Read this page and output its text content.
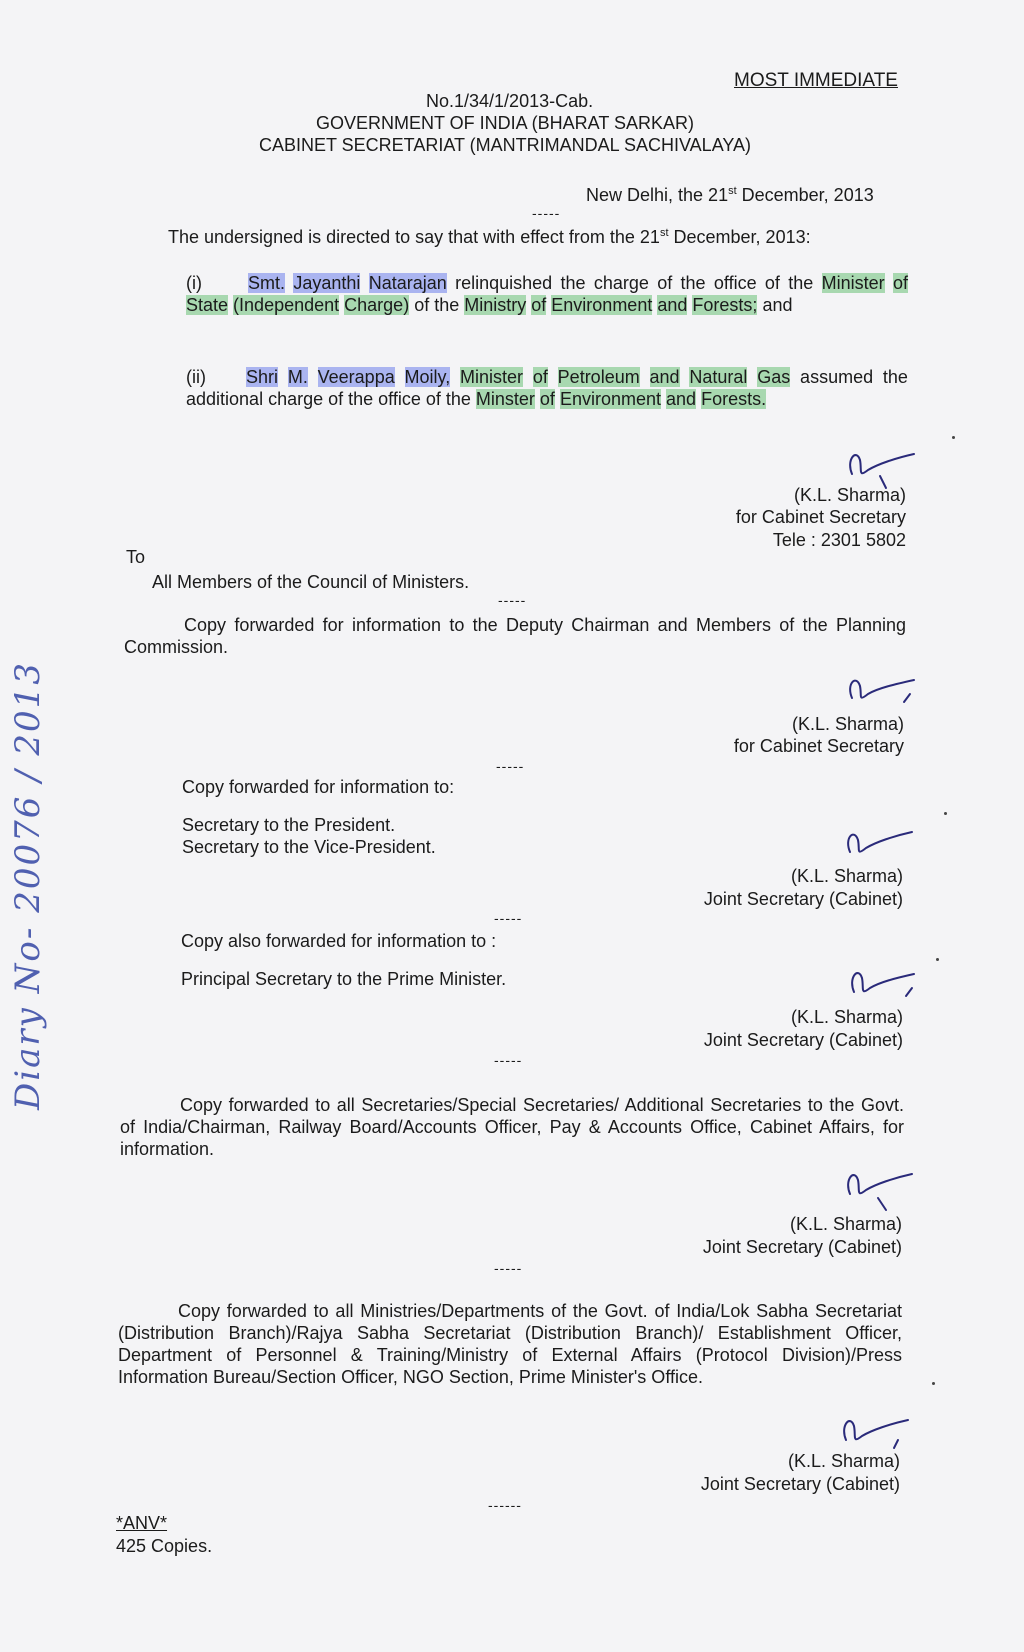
MOST IMMEDIATE
No.1/34/1/2013-Cab.
GOVERNMENT OF INDIA (BHARAT SARKAR)
CABINET SECRETARIAT (MANTRIMANDAL SACHIVALAYA)
New Delhi, the 21st December, 2013
-----
The undersigned is directed to say that with effect from the 21st December, 2013:
(i)	Smt. Jayanthi Natarajan relinquished the charge of the office of the Minister of State (Independent Charge) of the Ministry of Environment and Forests; and
(ii) Shri M. Veerappa Moily, Minister of Petroleum and Natural Gas assumed the additional charge of the office of the Minster of Environment and Forests.
(K.L. Sharma)
for Cabinet Secretary
Tele : 2301 5802
To
All Members of the Council of Ministers.
-----
Copy forwarded for information to the Deputy Chairman and Members of the Planning Commission.
(K.L. Sharma)
for Cabinet Secretary
-----
Copy forwarded for information to:
Secretary to the President.
Secretary to the Vice-President.
(K.L. Sharma)
Joint Secretary (Cabinet)
-----
Copy also forwarded for information to :
Principal Secretary to the Prime Minister.
(K.L. Sharma)
Joint Secretary (Cabinet)
-----
Copy forwarded to all Secretaries/Special Secretaries/ Additional Secretaries to the Govt. of India/Chairman, Railway Board/Accounts Officer, Pay & Accounts Office, Cabinet Affairs, for information.
(K.L. Sharma)
Joint Secretary (Cabinet)
-----
Copy forwarded to all Ministries/Departments of the Govt. of India/Lok Sabha Secretariat (Distribution Branch)/Rajya Sabha Secretariat (Distribution Branch)/ Establishment Officer, Department of Personnel & Training/Ministry of External Affairs (Protocol Division)/Press Information Bureau/Section Officer, NGO Section, Prime Minister's Office.
(K.L. Sharma)
Joint Secretary (Cabinet)
------
*ANV*
425 Copies.
Diary No- 20076 / 2013
